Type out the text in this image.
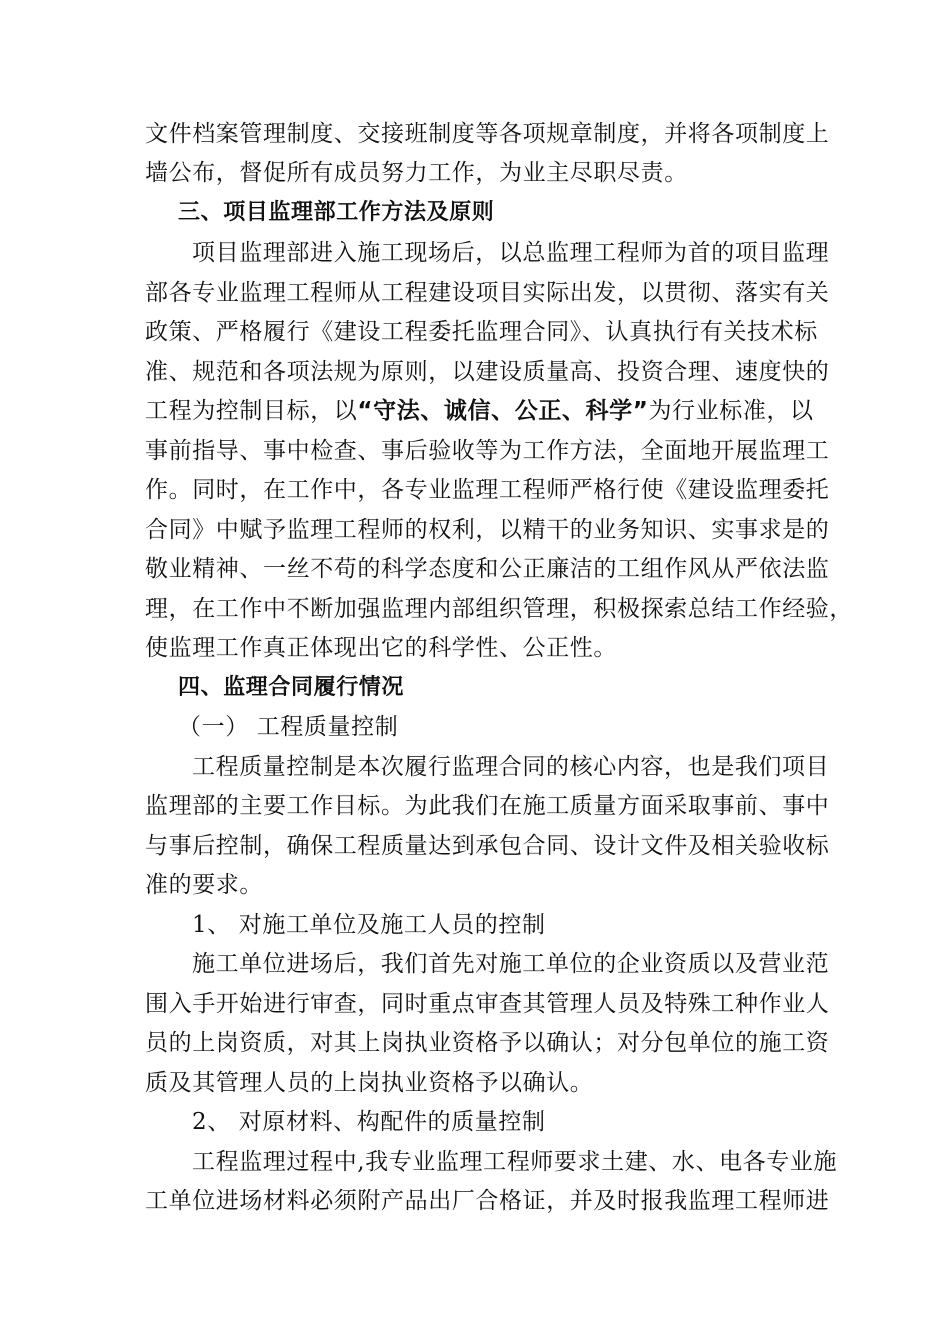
文件档案管理制度、交接班制度等各项规章制度，并将各项制度上
墙公布，督促所有成员努力工作，为业主尽职尽责。
三、项目监理部工作方法及原则
项目监理部进入施工现场后，以总监理工程师为首的项目监理
部各专业监理工程师从工程建设项目实际出发，以贯彻、落实有关
政策、严格履行《建设工程委托监理合同》、认真执行有关技术标
准、规范和各项法规为原则，以建设质量高、投资合理、速度快的
工程为控制目标，以“守法、诚信、公正、科学”为行业标准，以
事前指导、事中检查、事后验收等为工作方法，全面地开展监理工
作。同时，在工作中，各专业监理工程师严格行使《建设监理委托
合同》中赋予监理工程师的权利，以精干的业务知识、实事求是的
敬业精神、一丝不苟的科学态度和公正廉洁的工组作风从严依法监
理，在工作中不断加强监理内部组织管理，积极探索总结工作经验，
使监理工作真正体现出它的科学性、公正性。
四、监理合同履行情况
（一） 工程质量控制
工程质量控制是本次履行监理合同的核心内容，也是我们项目
监理部的主要工作目标。为此我们在施工质量方面采取事前、事中
与事后控制，确保工程质量达到承包合同、设计文件及相关验收标
准的要求。
1、 对施工单位及施工人员的控制
施工单位进场后，我们首先对施工单位的企业资质以及营业范
围入手开始进行审查，同时重点审查其管理人员及特殊工种作业人
员的上岗资质，对其上岗执业资格予以确认；对分包单位的施工资
质及其管理人员的上岗执业资格予以确认。
2、 对原材料、构配件的质量控制
工程监理过程中,我专业监理工程师要求土建、水、电各专业施
工单位进场材料必须附产品出厂合格证，并及时报我监理工程师进
